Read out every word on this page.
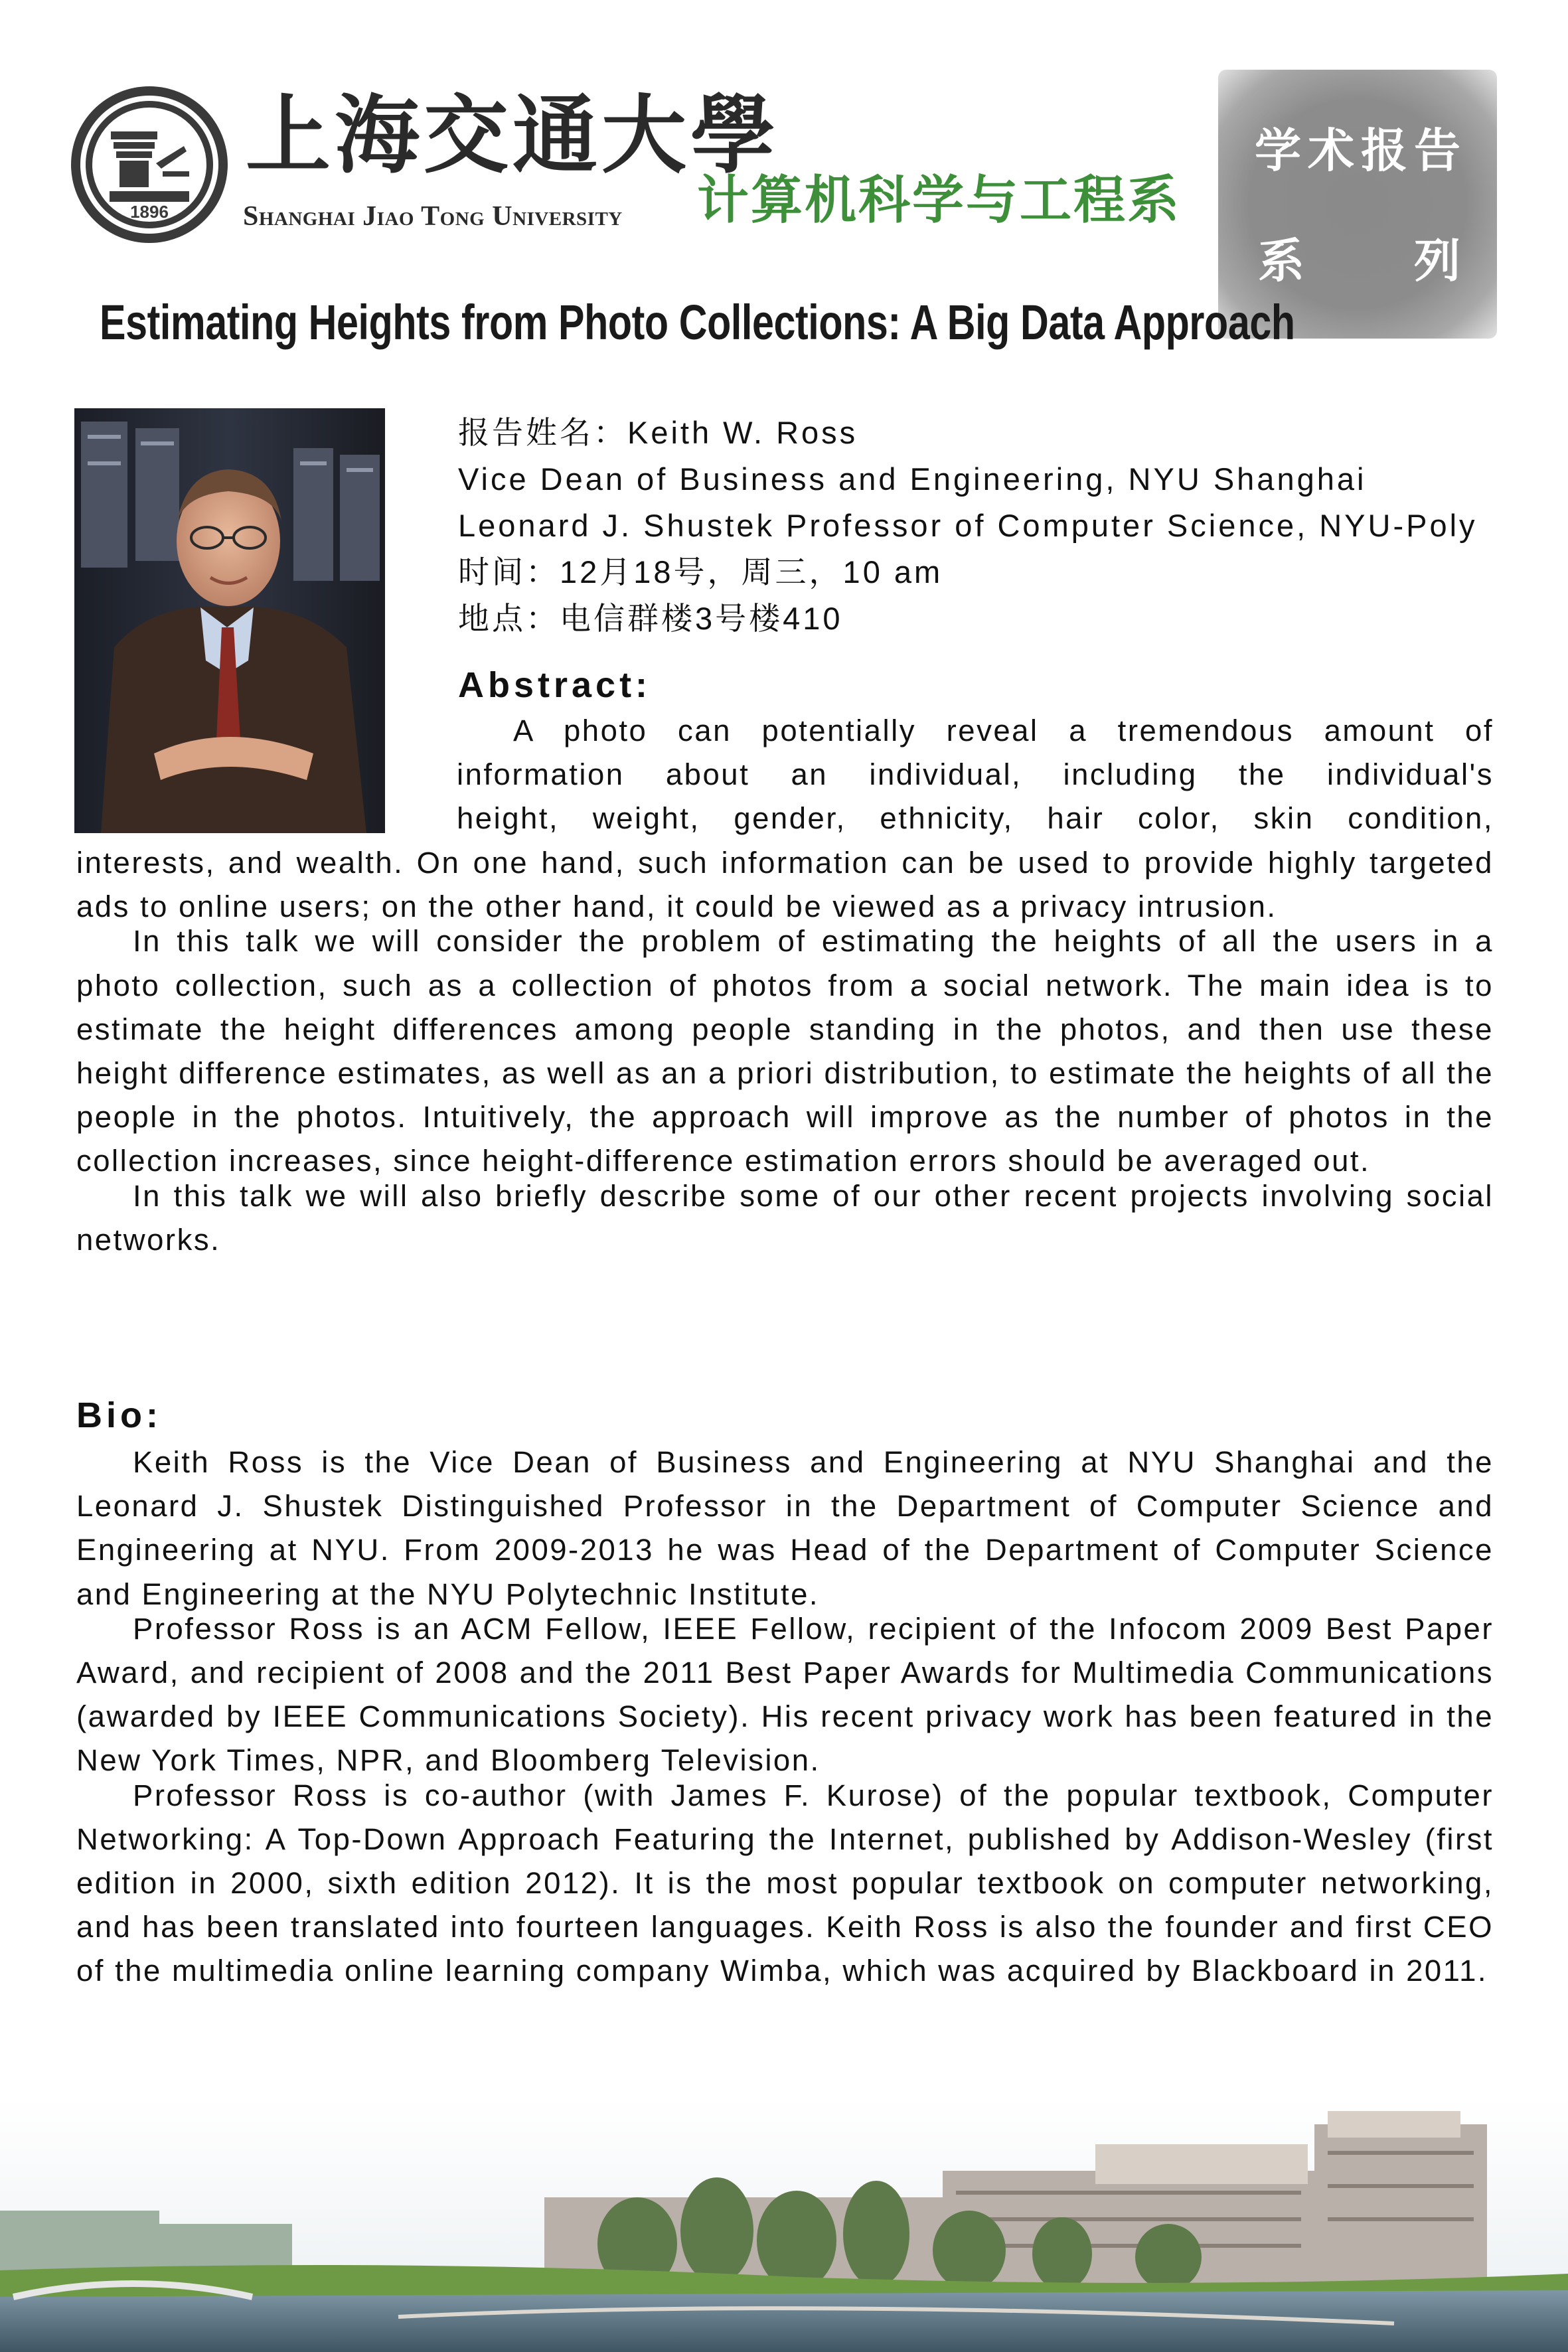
1896
上海交通大學
Shanghai Jiao Tong University 计算机科学与工程系
学术报告
系 列
Estimating Heights from Photo Collections: A Big Data Approach
报告姓名：Keith W. Ross
Vice Dean of Business and Engineering, NYU Shanghai
Leonard J. Shustek Professor of Computer Science, NYU-Poly
时间：12月18号，周三，10 am
地点：电信群楼3号楼410
Abstract:
A photo can potentially reveal a tremendous amount of
information about an individual, including the individual's
height, weight, gender, ethnicity, hair color, skin condition,

interests, and wealth. On one hand, such information can be used to provide highly targeted ads to online users; on the other hand, it could be viewed as a privacy intrusion.

In this talk we will consider the problem of estimating the heights of all the users in a photo collection, such as a collection of photos from a social network. The main idea is to estimate the height differences among people standing in the photos, and then use these height difference estimates, as well as an a priori distribution, to estimate the heights of all the people in the photos. Intuitively, the approach will improve as the number of photos in the collection increases, since height-difference estimation errors should be averaged out.

In this talk we will also briefly describe some of our other recent projects involving social networks.

Bio:

Keith Ross is the Vice Dean of Business and Engineering at NYU Shanghai and the Leonard J. Shustek Distinguished Professor in the Department of Computer Science and Engineering at NYU. From 2009-2013 he was Head of the Department of Computer Science and Engineering at the NYU Polytechnic Institute.

Professor Ross is an ACM Fellow, IEEE Fellow, recipient of the Infocom 2009 Best Paper Award, and recipient of 2008 and the 2011 Best Paper Awards for Multimedia Communications (awarded by IEEE Communications Society). His recent privacy work has been featured in the New York Times, NPR, and Bloomberg Television.

Professor Ross is co-author (with James F. Kurose) of the popular textbook, Computer Networking: A Top-Down Approach Featuring the Internet, published by Addison-Wesley (first edition in 2000, sixth edition 2012). It is the most popular textbook on computer networking, and has been translated into fourteen languages. Keith Ross is also the founder and first CEO of the multimedia online learning company Wimba, which was acquired by Blackboard in 2011.
